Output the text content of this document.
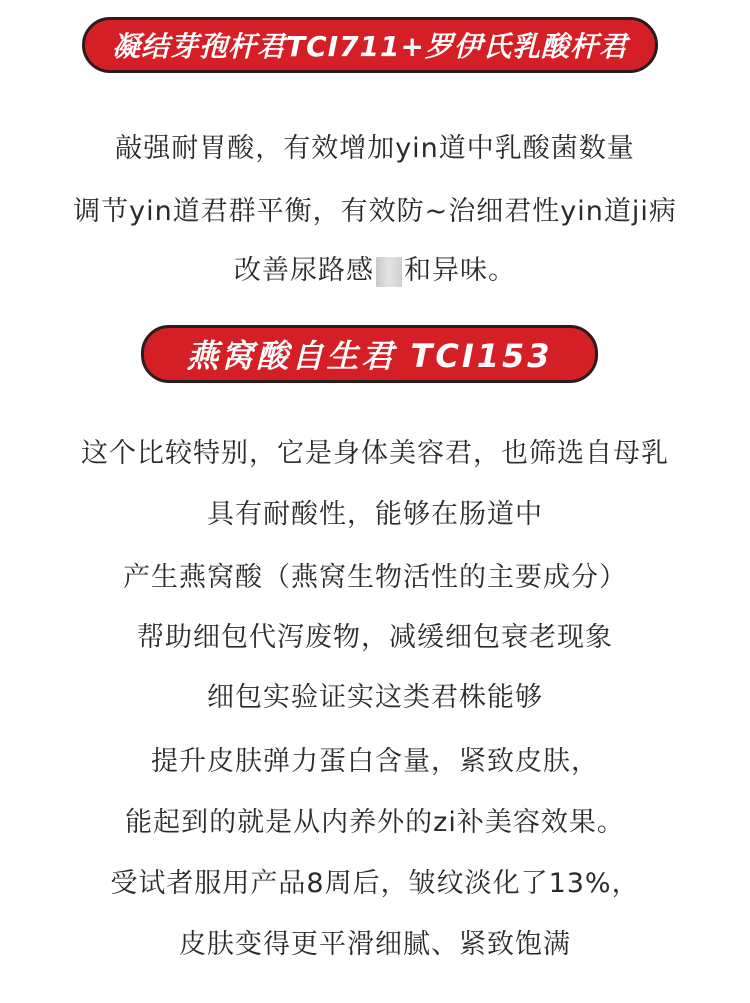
凝结芽孢杆君TCI711+罗伊氏乳酸杆君
敲强耐胃酸，有效增加yin道中乳酸菌数量
调节yin道君群平衡，有效防~治细君性yin道ji病
改善尿路感 和异味。
燕窝酸自生君 TCI153
这个比较特别，它是身体美容君，也筛选自母乳
具有耐酸性，能够在肠道中
产生燕窝酸（燕窝生物活性的主要成分）
帮助细包代泻废物，减缓细包衰老现象
细包实验证实这类君株能够
提升皮肤弹力蛋白含量，紧致皮肤，
能起到的就是从内养外的zi补美容效果。
受试者服用产品8周后，皱纹淡化了13%，
皮肤变得更平滑细腻、紧致饱满
